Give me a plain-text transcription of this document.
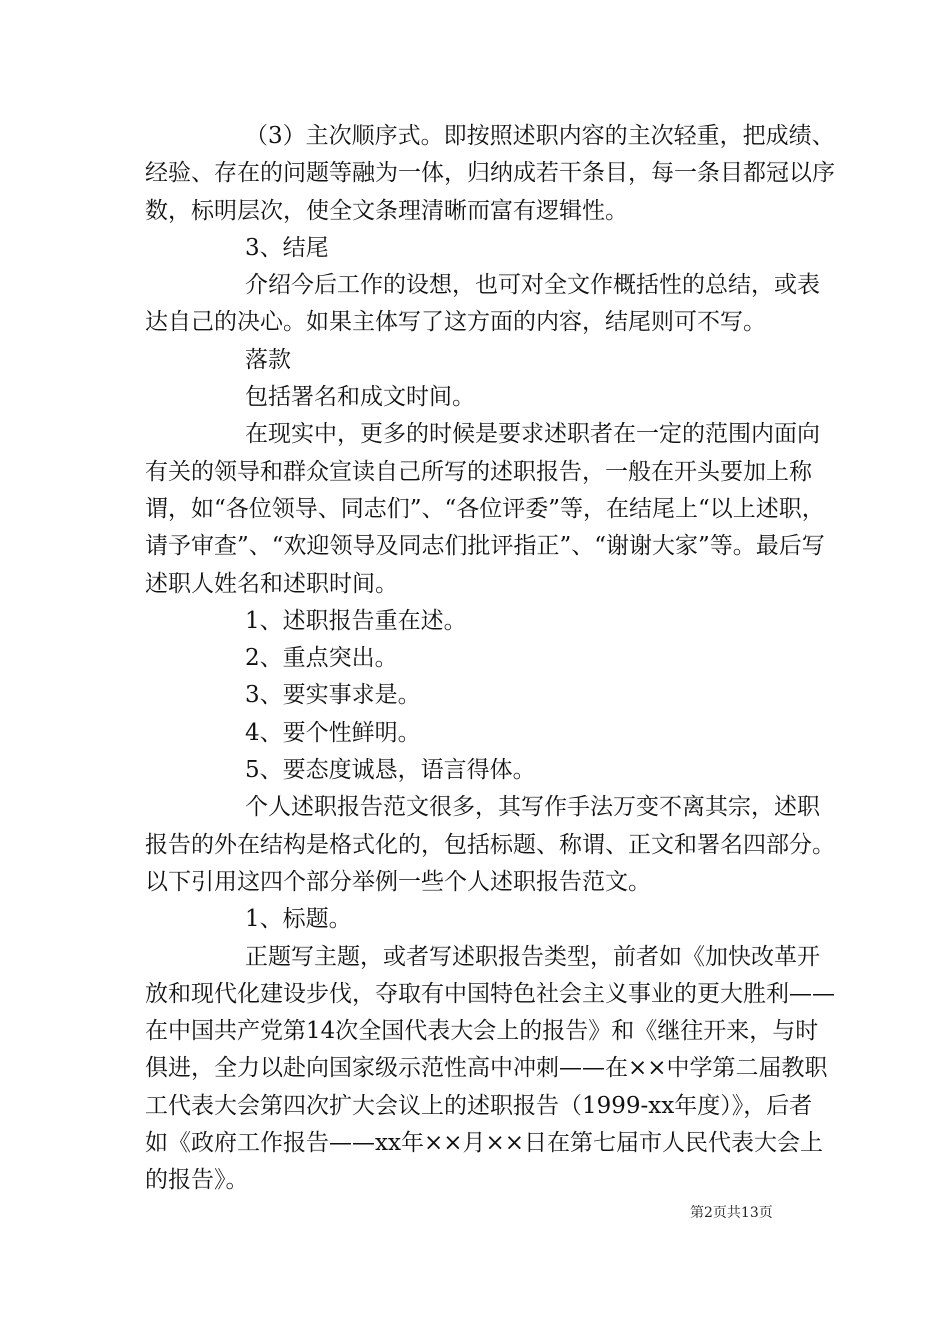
（3）主次顺序式。即按照述职内容的主次轻重，把成绩、经验、存在的问题等融为一体，归纳成若干条目，每一条目都冠以序数，标明层次，使全文条理清晰而富有逻辑性。

3、结尾

介绍今后工作的设想，也可对全文作概括性的总结，或表达自己的决心。如果主体写了这方面的内容，结尾则可不写。

落款

包括署名和成文时间。

在现实中，更多的时候是要求述职者在一定的范围内面向有关的领导和群众宣读自己所写的述职报告，一般在开头要加上称谓，如“各位领导、同志们”、“各位评委”等，在结尾上“以上述职，请予审查”、“欢迎领导及同志们批评指正”、“谢谢大家”等。最后写述职人姓名和述职时间。

1、述职报告重在述。

2、重点突出。

3、要实事求是。

4、要个性鲜明。

5、要态度诚恳，语言得体。

个人述职报告范文很多，其写作手法万变不离其宗，述职报告的外在结构是格式化的，包括标题、称谓、正文和署名四部分。以下引用这四个部分举例一些个人述职报告范文。

1、标题。

正题写主题，或者写述职报告类型，前者如《加快改革开放和现代化建设步伐，夺取有中国特色社会主义事业的更大胜利——在中国共产党第14次全国代表大会上的报告》和《继往开来，与时俱进，全力以赴向国家级示范性高中冲刺——在××中学第二届教职工代表大会第四次扩大会议上的述职报告（1999-xx年度）》，后者如《政府工作报告——xx年××月××日在第七届市人民代表大会上的报告》。

第2页共13页
